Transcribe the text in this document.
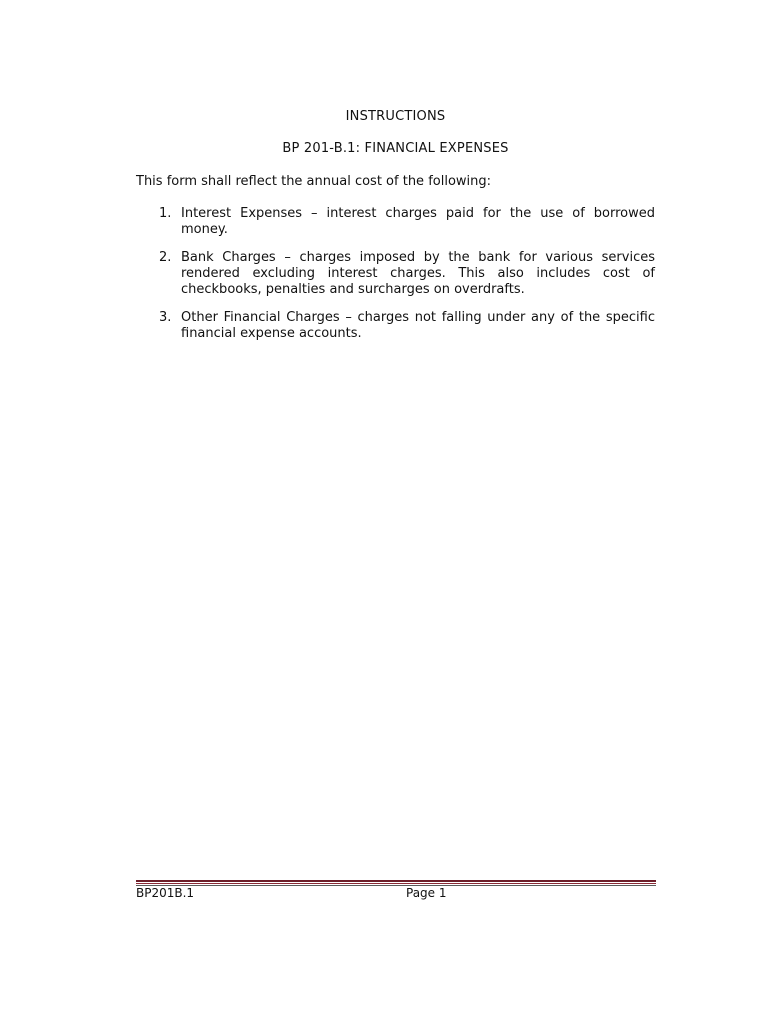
INSTRUCTIONS
BP 201-B.1: FINANCIAL EXPENSES
This form shall reflect the annual cost of the following:
1. Interest Expenses – interest charges paid for the use of borrowed money.
2. Bank Charges – charges imposed by the bank for various services rendered excluding interest charges. This also includes cost of checkbooks, penalties and surcharges on overdrafts.
3. Other Financial Charges – charges not falling under any of the specific financial expense accounts.
BP201B.1	Page 1
